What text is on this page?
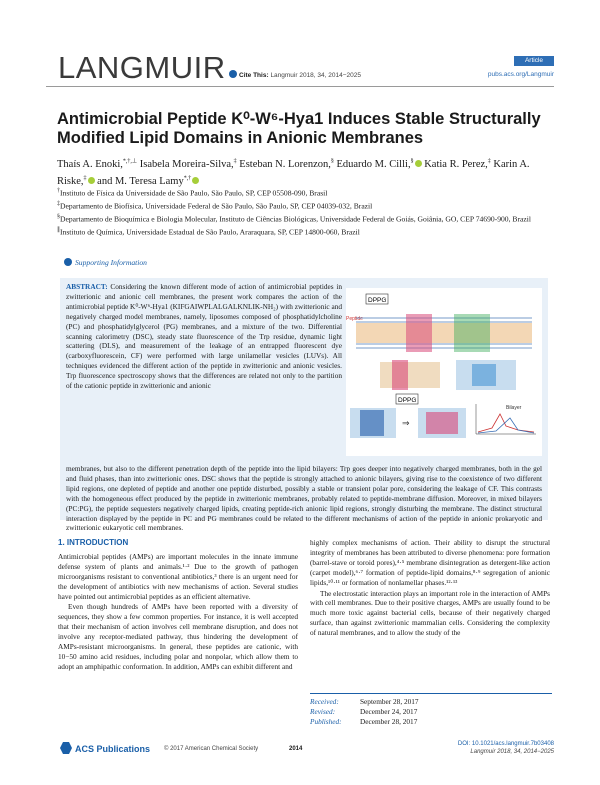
LANGMUIR	Cite This: Langmuir 2018, 34, 2014−2025
Article
pubs.acs.org/Langmuir
Antimicrobial Peptide K⁰-W⁶-Hya1 Induces Stable Structurally Modified Lipid Domains in Anionic Membranes
Thaís A. Enoki,*,†,⊥ Isabela Moreira-Silva,‡ Esteban N. Lorenzon,§ Eduardo M. Cilli,§ Katia R. Perez,‡ Karin A. Riske,‡ and M. Teresa Lamy*,†
†Instituto de Física da Universidade de São Paulo, São Paulo, SP, CEP 05508-090, Brasil
‡Departamento de Biofísica, Universidade Federal de São Paulo, São Paulo, SP, CEP 04039-032, Brazil
§Departamento de Bioquímica e Biologia Molecular, Instituto de Ciências Biológicas, Universidade Federal de Goiás, Goiânia, GO, CEP 74690-900, Brazil
∥Instituto de Química, Universidade Estadual de São Paulo, Araraquara, SP, CEP 14800-060, Brazil
Supporting Information
ABSTRACT: Considering the known different mode of action of antimicrobial peptides in zwitterionic and anionic cell membranes, the present work compares the action of the antimicrobial peptide K⁰-W⁶-Hya1 (KIFGAIWPLALGALKNLIK-NH₂) with zwitterionic and negatively charged model membranes, namely, liposomes composed of phosphatidylcholine (PC) and phosphatidylglycerol (PG) membranes, and a mixture of the two. Differential scanning calorimetry (DSC), steady state fluorescence of the Trp residue, dynamic light scattering (DLS), and measurement of the leakage of an entrapped fluorescent dye (carboxyfluorescein, CF) were performed with large unilamellar vesicles (LUVs). All techniques evidenced the different action of the peptide in zwitterionic and anionic vesicles. Trp fluorescence spectroscopy shows that the differences are related not only to the partition of the cationic peptide in zwitterionic and anionic
DPPG
Peptide
DPPG
⇒
Bilayer
membranes, but also to the different penetration depth of the peptide into the lipid bilayers: Trp goes deeper into negatively charged membranes, both in the gel and fluid phases, than into zwitterionic ones. DSC shows that the peptide is strongly attached to anionic bilayers, giving rise to the coexistence of two different lipid regions, one depleted of peptide and another one peptide disturbed, possibly a stable or transient polar pore, considering the leakage of CF. This contrasts with the homogeneous effect produced by the peptide in zwitterionic membranes, probably related to peptide-membrane diffusion. Moreover, in mixed bilayers (PC:PG), the peptide sequesters negatively charged lipids, creating peptide-rich anionic lipid regions, strongly disturbing the membrane. The distinct structural interaction displayed by the peptide in PC and PG membranes could be related to the different mechanisms of action of the peptide in anionic prokaryotic and zwitterionic eukaryotic cell membranes.
1. INTRODUCTION

Antimicrobial peptides (AMPs) are important molecules in the innate immune defense system of plants and animals.¹·² Due to the growth of pathogen microorganisms resistant to conventional antibiotics,³ there is an urgent need for the development of antibiotics with new mechanisms of action. Several studies have pointed out antimicrobial peptides as an efficient alternative.

Even though hundreds of AMPs have been reported with a diversity of sequences, they show a few common properties. For instance, it is well accepted that their mechanism of action involves cell membrane disruption, and does not involve any receptor-mediated pathway, thus hindering the development of AMPs-resistant microorganisms. In general, these peptides are cationic, with 10−50 amino acid residues, including polar and nonpolar, which allow them to adopt an amphipathic conformation. In addition, AMPs can exhibit different and

highly complex mechanisms of action. Their ability to disrupt the structural integrity of membranes has been attributed to diverse phenomena: pore formation (barrel-stave or toroid pores),⁴·⁵ membrane disintegration as detergent-like action (carpet model),⁶·⁷ formation of peptide-lipid domains,⁸·⁹ segregation of anionic lipids,¹⁰·¹¹ or formation of nonlamellar phases.¹²·¹³

The electrostatic interaction plays an important role in the interaction of AMPs with cell membranes. Due to their positive charges, AMPs are usually found to be much more toxic against bacterial cells, because of their negatively charged surface, than against zwitterionic mammalian cells. Considering the complexity of natural membranes, and to allow the study of the

Received:	September 28, 2017
Revised:	December 24, 2017
Published:	December 28, 2017
ACS Publications © 2017 American Chemical Society	2014
DOI: 10.1021/acs.langmuir.7b03408
Langmuir 2018, 34, 2014−2025
